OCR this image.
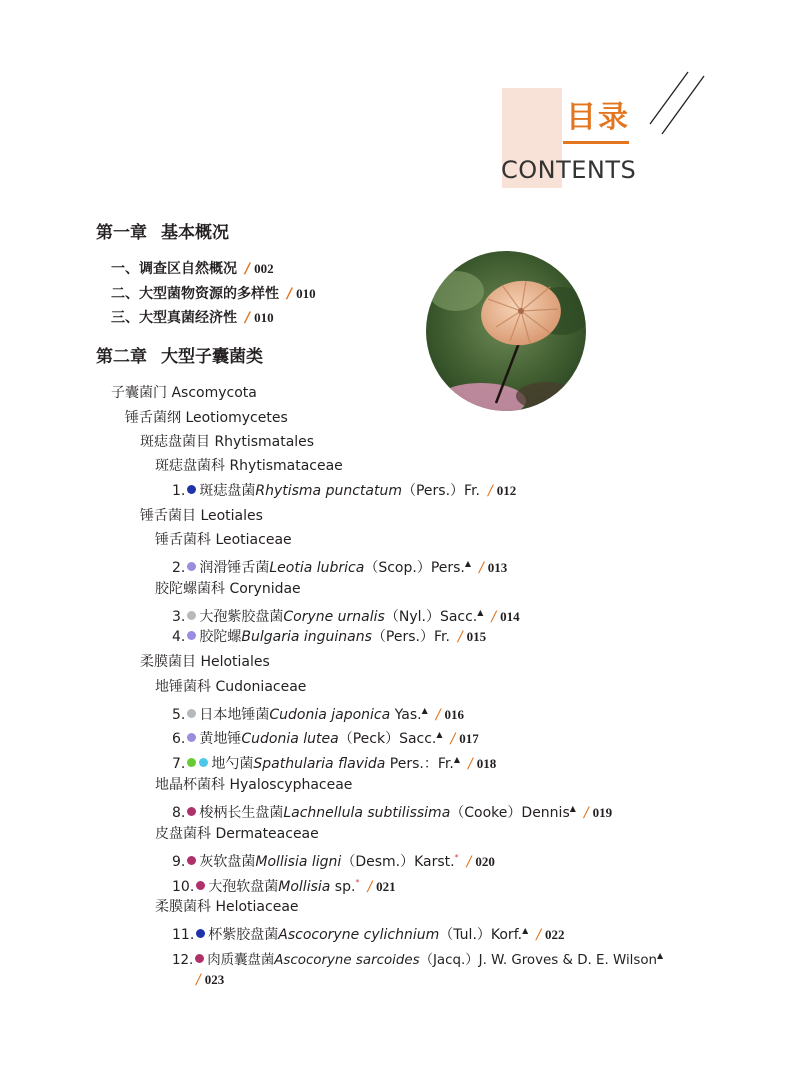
目录
CONTENTS
第一章 基本概况
一、调查区自然概况 / 002
二、大型菌物资源的多样性 / 010
三、大型真菌经济性 / 010
第二章 大型子囊菌类
子囊菌门 Ascomycota
锤舌菌纲 Leotiomycetes
斑痣盘菌目 Rhytismatales
斑痣盘菌科 Rhytismataceae
1. 斑痣盘菌Rhytisma punctatum（Pers.）Fr. / 012
锤舌菌目 Leotiales
锤舌菌科 Leotiaceae
2. 润滑锤舌菌Leotia lubrica（Scop.）Pers.▲ / 013
胶陀螺菌科 Corynidae
3. 大孢紫胶盘菌Coryne urnalis（Nyl.）Sacc.▲ / 014
4. 胶陀螺Bulgaria inguinans（Pers.）Fr. / 015
柔膜菌目 Helotiales
地锤菌科 Cudoniaceae
5. 日本地锤菌Cudonia japonica Yas.▲ / 016
6. 黄地锤Cudonia lutea（Peck）Sacc.▲ / 017
7. 地勺菌Spathularia flavida Pers.：Fr.▲ / 018
地晶杯菌科 Hyaloscyphaceae
8. 梭柄长生盘菌Lachnellula subtilissima（Cooke）Dennis▲ / 019
皮盘菌科 Dermateaceae
9. 灰软盘菌Mollisia ligni（Desm.）Karst.* / 020
10. 大孢软盘菌Mollisia sp.* / 021
柔膜菌科 Helotiaceae
11. 杯紫胶盘菌Ascocoryne cylichnium（Tul.）Korf.▲ / 022
12. 肉质囊盘菌Ascocoryne sarcoides（Jacq.）J. W. Groves & D. E. Wilson▲
/ 023
